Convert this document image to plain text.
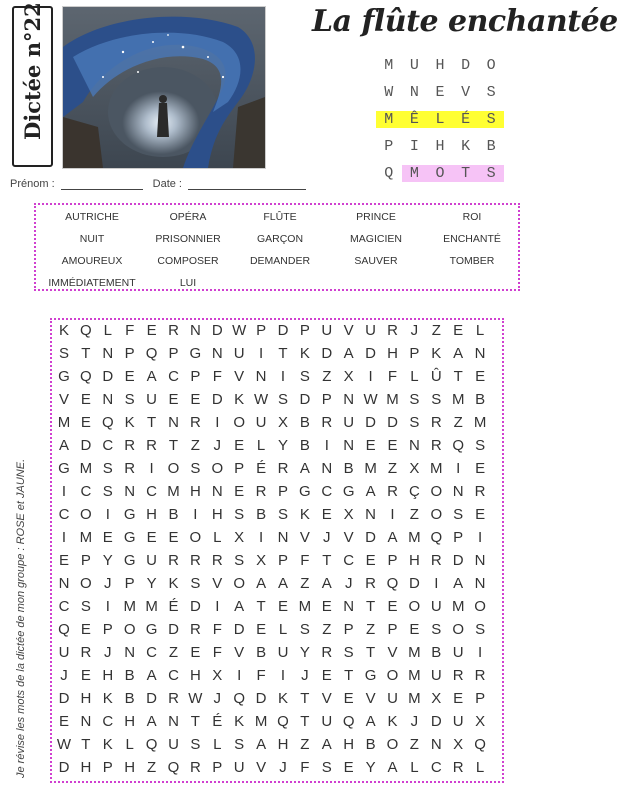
Dictée n°22	La flûte enchantée
M	U	H	D	O
W	N	E	V	S
M	Ê	L	É	S
P	I	H	K	B
Q	M	O	T	S
Prénom :	Date :
AUTRICHE	OPÉRA	FLÛTE	PRINCE	ROI
NUIT	PRISONNIER	GARÇON	MAGICIEN	ENCHANTÉ
AMOUREUX	COMPOSER	DEMANDER	SAUVER	TOMBER
IMMÉDIATEMENT	LUI
Je révise les mots de la dictée de mon groupe : ROSE et JAUNE.
K Q L F E R N D W P D P U V U R J Z E L
S T N P Q P G N U I	T K D A D H P K A N
G Q D E A C P F V N I S Z X I	F L Û T E
V E N S U E E D K W S D P N W M S S M B
M E Q K T N R I O U X B R U D D S R Z M
A D C R R T Z J E L Y B I N E E N R Q S
G M S R I O S O P É R A N B M Z X M I E
I C S N C M H N E R P G C G A R Ç O N R
C O I G H B I H S B S K E X N I	Z O S E
I M E G E E O L X I N V J V D A M Q P I
E P Y G U R R R S X P F T C E P H R D N
N O J P Y K S V O A A Z A J R Q D I A N
C S I M M É D I A T E M E N T E O U M O
Q E P O G D R F D E L S Z P Z P E S O S
U R J N C Z E F V B U Y R S T V M B U I
J E H B A C H X I	F	I	J E T G O M U R R
D H K B D R W J Q D K T V E V U M X E P
E N C H A N T É K M Q T U Q A K J D U X
W T K L Q U S L S A H Z A H B O Z N X Q
D H P H Z Q R P U V J F S E Y A L C R L
